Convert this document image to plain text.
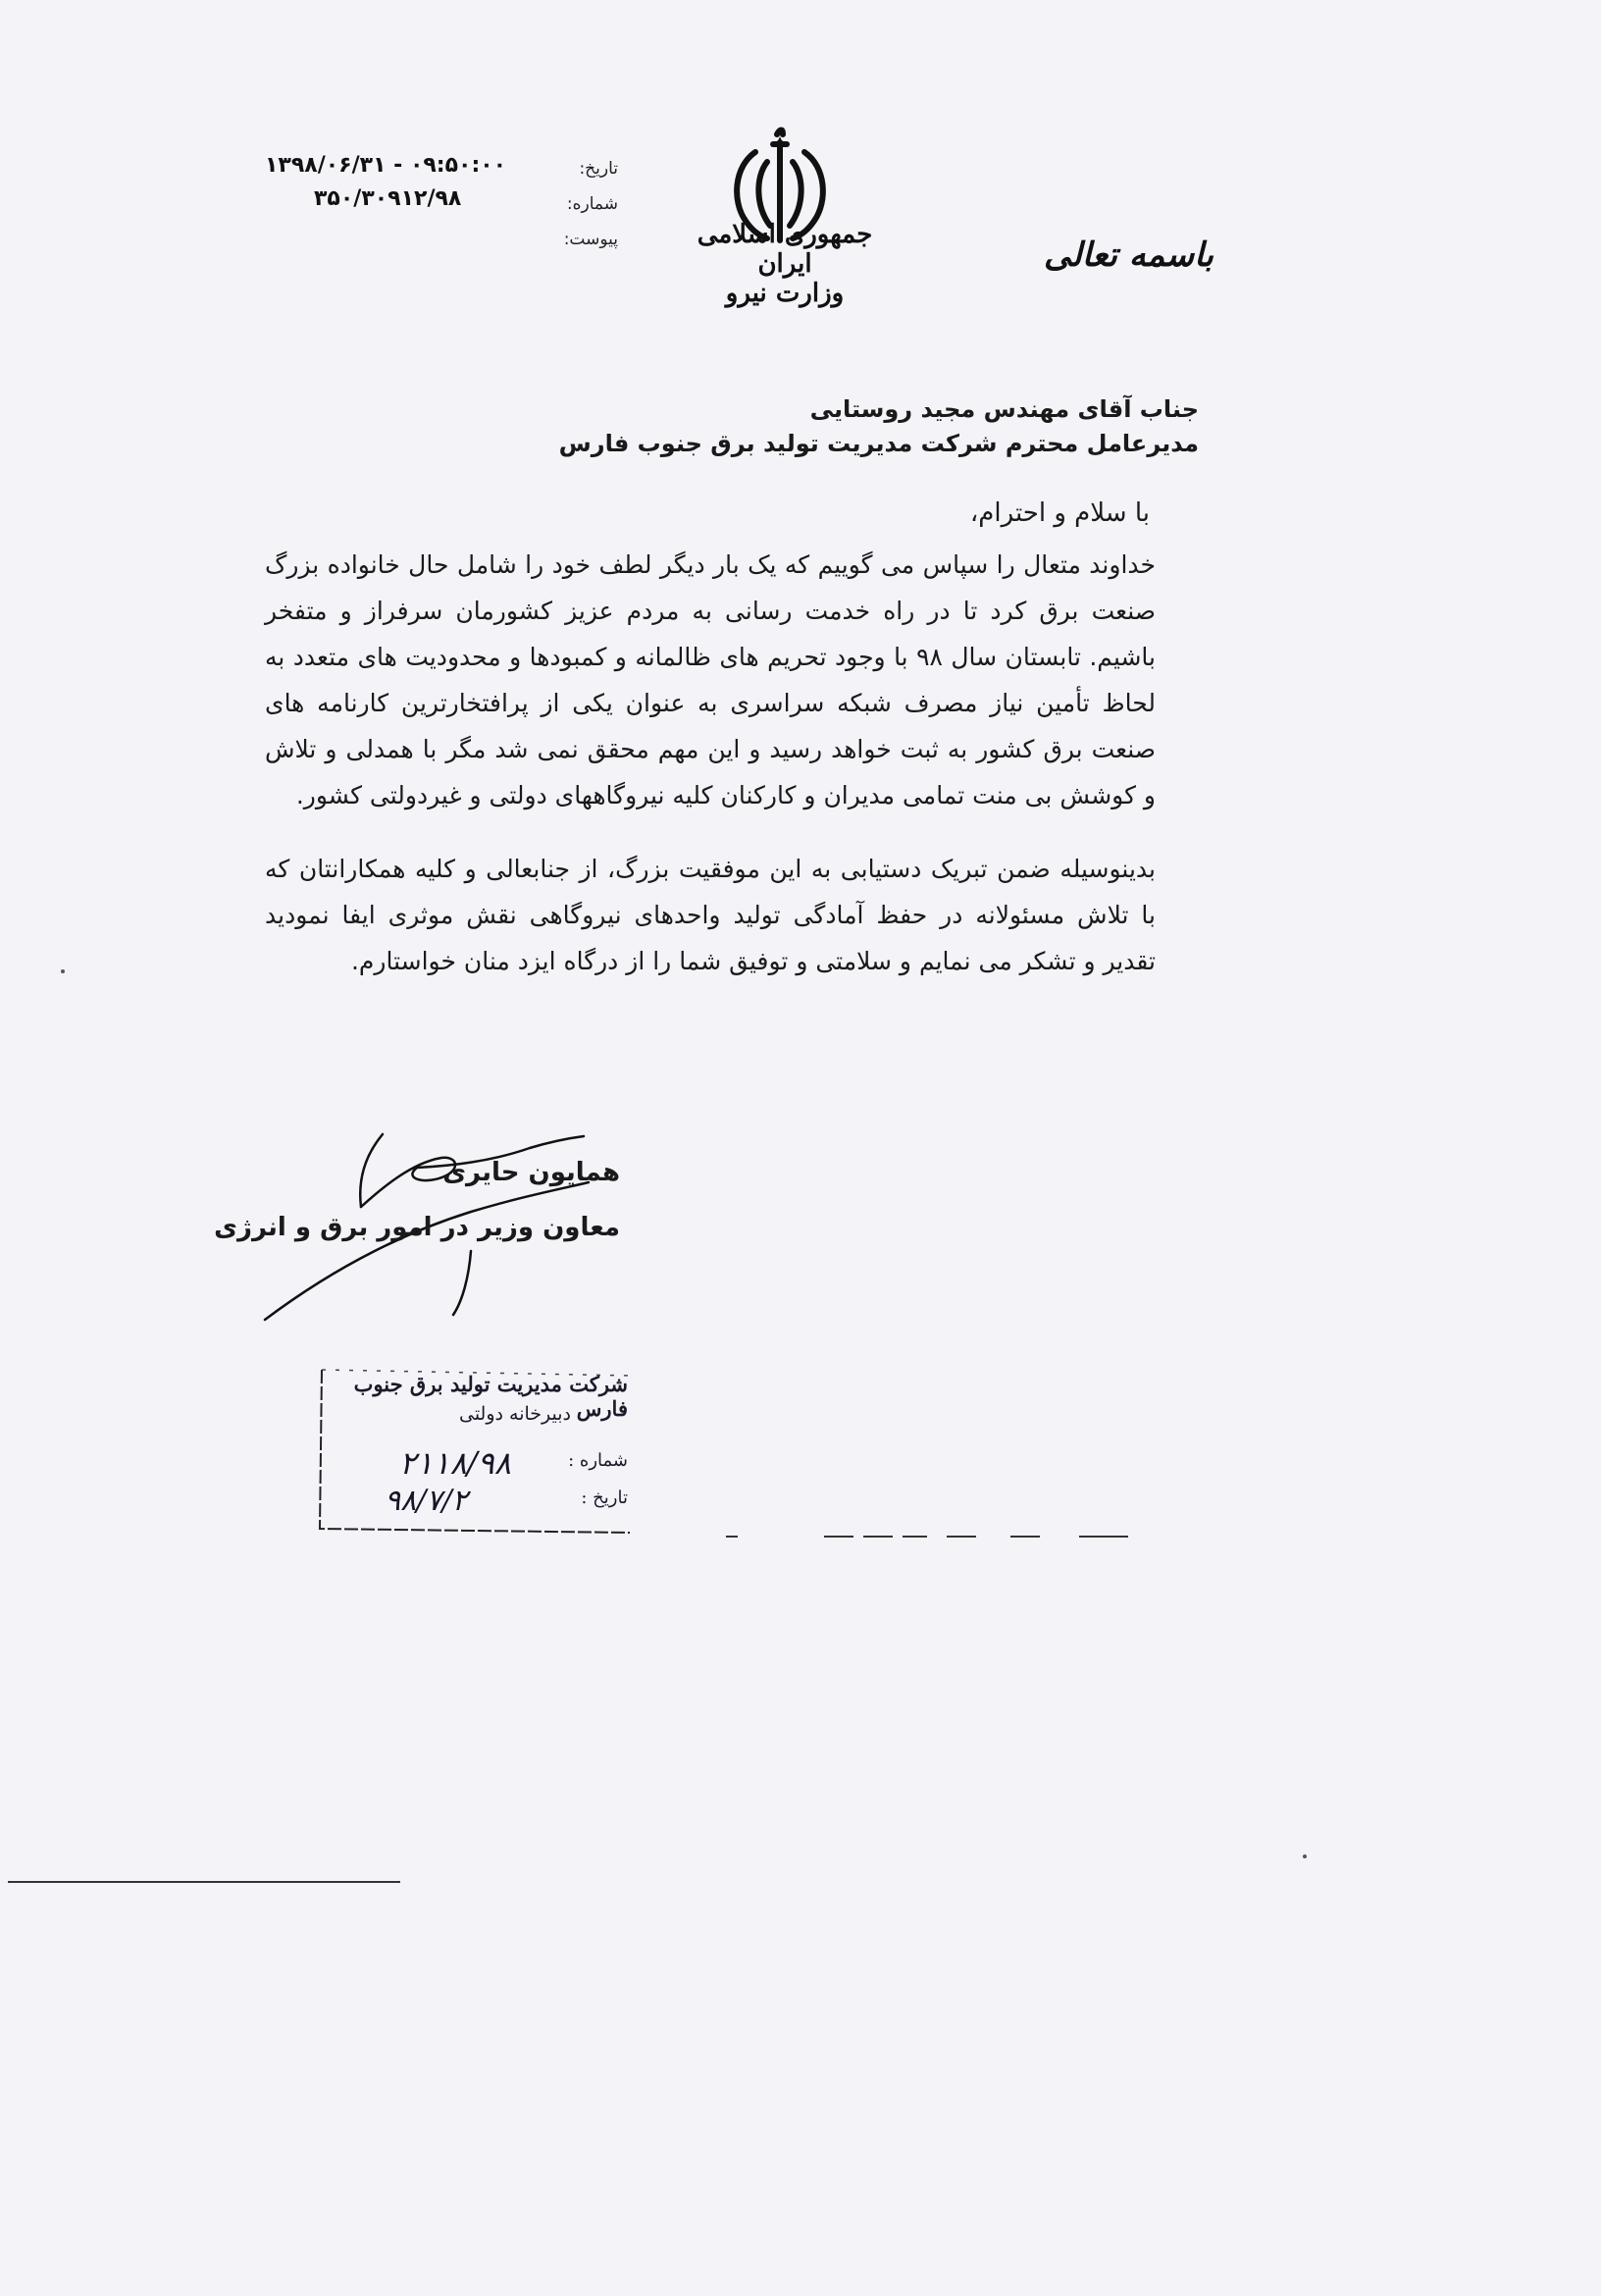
تاریخ:
شماره:
پیوست:
۱۳۹۸/۰۶/۳۱ - ۰۹:۵۰:۰۰
۳۵۰/۳۰۹۱۲/۹۸
جمهوری اسلامی ایران
وزارت نیرو
باسمه تعالی
جناب آقای مهندس مجید روستایی
مدیرعامل محترم شرکت مدیریت تولید برق جنوب فارس
با سلام و احترام،

خداوند متعال را سپاس می گوییم که یک بار دیگر لطف خود را شامل حال خانواده بزرگ صنعت برق کرد تا در راه خدمت رسانی به مردم عزیز کشورمان سرفراز و متفخر باشیم. تابستان سال ۹۸ با وجود تحریم های ظالمانه و کمبودها و محدودیت های متعدد به لحاظ تأمین نیاز مصرف شبکه سراسری به عنوان یکی از پرافتخارترین کارنامه های صنعت برق کشور به ثبت خواهد رسید و این مهم محقق نمی شد مگر با همدلی و تلاش و کوشش بی منت تمامی مدیران و کارکنان کلیه نیروگاههای دولتی و غیردولتی کشور.

بدینوسیله ضمن تبریک دستیابی به این موفقیت بزرگ، از جنابعالی و کلیه همکارانتان که با تلاش مسئولانه در حفظ آمادگی تولید واحدهای نیروگاهی نقش موثری ایفا نمودید تقدیر و تشکر می نمایم و سلامتی و توفیق شما را از درگاه ایزد منان خواستارم.

همایون حایری
معاون وزیر در امور برق و انرژی
شرکت مدیریت تولید برق جنوب فارس
دبیرخانه دولتی
شماره :
تاریخ :
۲۱۱۸/۹۸
۹۸/۷/۲
